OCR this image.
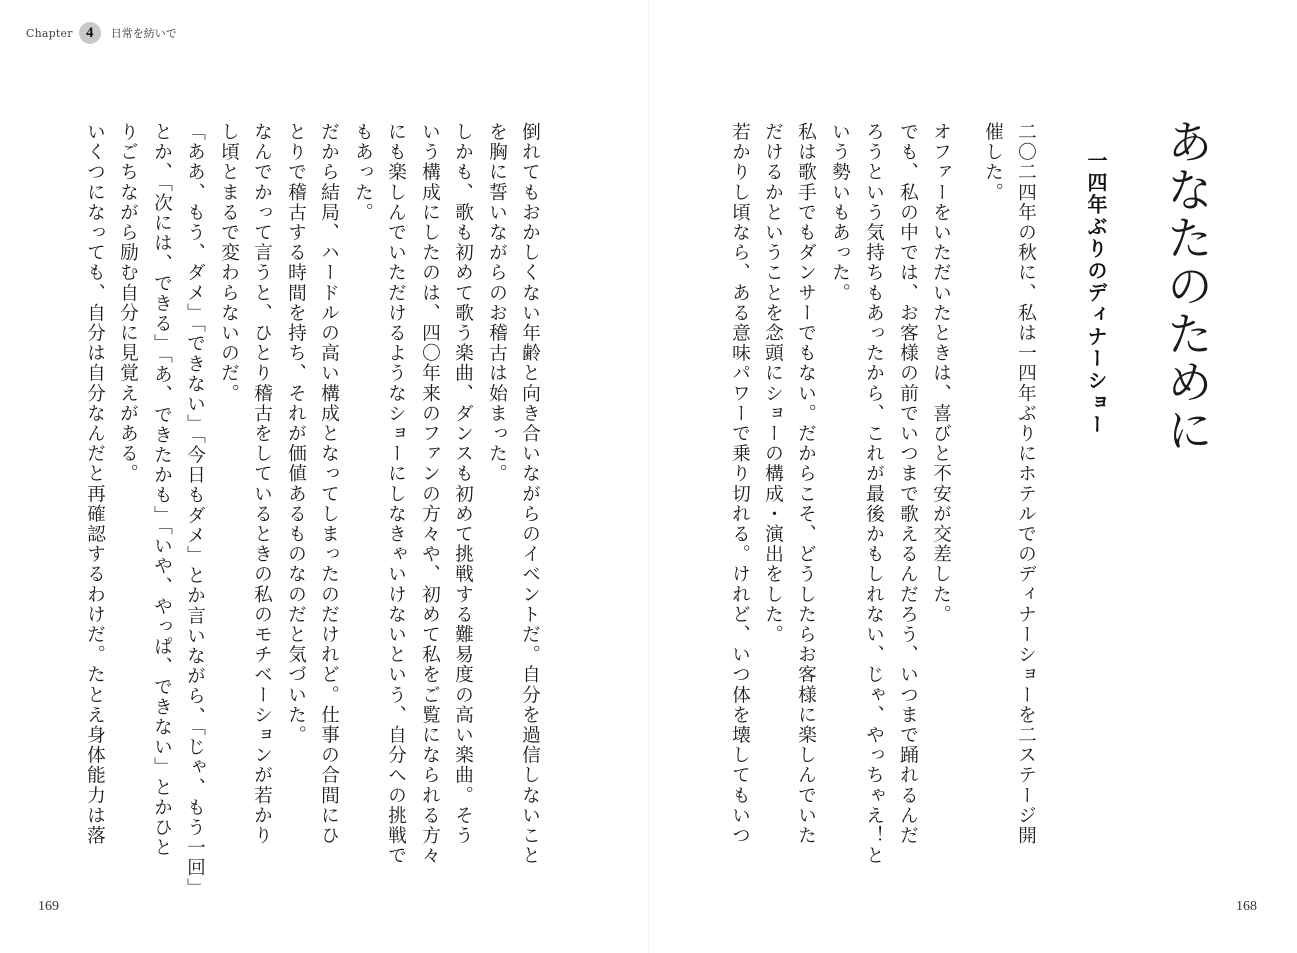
Chapter 4	日常を紡いで
あなたのために
一四年ぶりのディナーショー
二〇二四年の秋に、私は一四年ぶりにホテルでのディナーショーを二ステージ開
催した。
オファーをいただいたときは、喜びと不安が交差した。
でも、私の中では、お客様の前でいつまで歌えるんだろう、いつまで踊れるんだ
ろうという気持ちもあったから、これが最後かもしれない、じゃ、やっちゃえ！と
いう勢いもあった。
私は歌手でもダンサーでもない。だからこそ、どうしたらお客様に楽しんでいた
だけるかということを念頭にショーの構成・演出をした。
若かりし頃なら、ある意味パワーで乗り切れる。けれど、いつ体を壊してもいつ
倒れてもおかしくない年齢と向き合いながらのイベントだ。自分を過信しないこと
を胸に誓いながらのお稽古は始まった。
しかも、歌も初めて歌う楽曲、ダンスも初めて挑戦する難易度の高い楽曲。そう
いう構成にしたのは、四〇年来のファンの方々や、初めて私をご覧になられる方々
にも楽しんでいただけるようなショーにしなきゃいけないという、自分への挑戦で
もあった。
だから結局、ハードルの高い構成となってしまったのだけれど。仕事の合間にひ
とりで稽古する時間を持ち、それが価値あるものなのだと気づいた。
なんでかって言うと、ひとり稽古をしているときの私のモチベーションが若かり
し頃とまるで変わらないのだ。
「ああ、もう、ダメ」「できない」「今日もダメ」とか言いながら、「じゃ、もう一回」
とか、「次には、できる」「あ、できたかも」「いや、やっぱ、できない」とかひと
りごちながら励む自分に見覚えがある。
いくつになっても、自分は自分なんだと再確認するわけだ。たとえ身体能力は落
169	168
